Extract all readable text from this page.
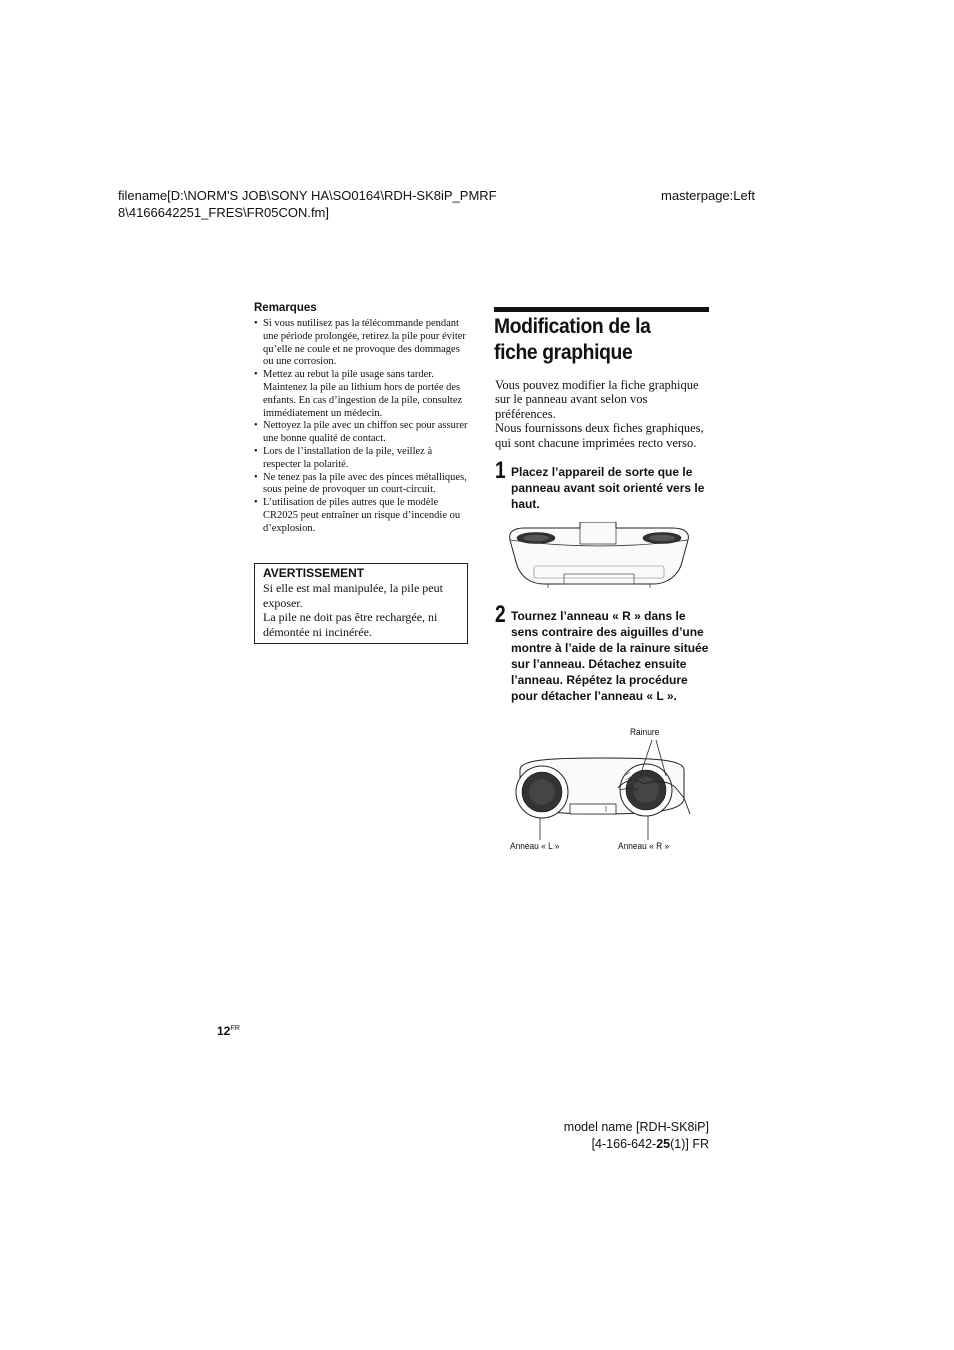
filename[D:\NORM'S JOB\SONY HA\SO0164\RDH-SK8iP_PMRF
8\4166642251_FRES\FR05CON.fm]
masterpage:Left
Remarques
• Si vous nutilisez pas la télécommande pendant une période prolongée, retirez la pile pour éviter qu’elle ne coule et ne provoque des dommages ou une corrosion.
• Mettez au rebut la pile usage sans tarder. Maintenez la pile au lithium hors de portée des enfants. En cas d’ingestion de la pile, consultez immédiatement un médecin.
• Nettoyez la pile avec un chiffon sec pour assurer une bonne qualité de contact.
• Lors de l’installation de la pile, veillez à respecter la polarité.
• Ne tenez pas la pile avec des pinces métalliques, sous peine de provoquer un court-circuit.
• L’utilisation de piles autres que le modèle CR2025 peut entraîner un risque d’incendie ou d’explosion.
AVERTISSEMENT

Si elle est mal manipulée, la pile peut exposer.

La pile ne doit pas être rechargée, ni démontée ni incinérée.

Modification de la
fiche graphique

Vous pouvez modifier la fiche graphique sur le panneau avant selon vos préférences.

Nous fournissons deux fiches graphiques, qui sont chacune imprimées recto verso.

1 Placez l’appareil de sorte que le panneau avant soit orienté vers le haut.
2 Tournez l’anneau « R » dans le sens contraire des aiguilles d’une montre à l’aide de la rainure située sur l’anneau. Détachez ensuite l’anneau. Répétez la procédure pour détacher l’anneau « L ».
Rainure
Anneau « L »	Anneau « R »
$12^{FR}$
model name [RDH-SK8iP]
[4-166-642-25(1)] FR
